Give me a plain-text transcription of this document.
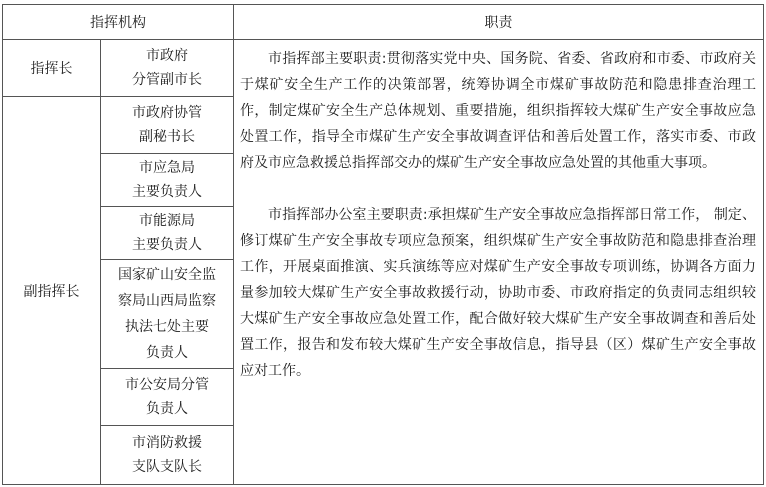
指挥机构	职责
指挥长
市政府
分管副市长
副指挥长
市政府协管
副秘书长
市应急局
主要负责人
市能源局
主要负责人
国家矿山安全监
察局山西局监察
执法七处主要
负责人
市公安局分管
负责人
市消防救援
支队支队长

市指挥部主要职责:贯彻落实党中央、国务院、省委、省政府和市委、市政府关于煤矿安全生产工作的决策部署，统筹协调全市煤矿事故防范和隐患排查治理工作，制定煤矿安全生产总体规划、重要措施，组织指挥较大煤矿生产安全事故应急处置工作，指导全市煤矿生产安全事故调查评估和善后处置工作，落实市委、市政府及市应急救援总指挥部交办的煤矿生产安全事故应急处置的其他重大事项。

市指挥部办公室主要职责:承担煤矿生产安全事故应急指挥部日常工作， 制定、修订煤矿生产安全事故专项应急预案，组织煤矿生产安全事故防范和隐患排查治理工作，开展桌面推演、实兵演练等应对煤矿生产安全事故专项训练，协调各方面力量参加较大煤矿生产安全事故救援行动，协助市委、市政府指定的负责同志组织较大煤矿生产安全事故应急处置工作，配合做好较大煤矿生产安全事故调查和善后处置工作，报告和发布较大煤矿生产安全事故信息，指导县（区）煤矿生产安全事故应对工作。
